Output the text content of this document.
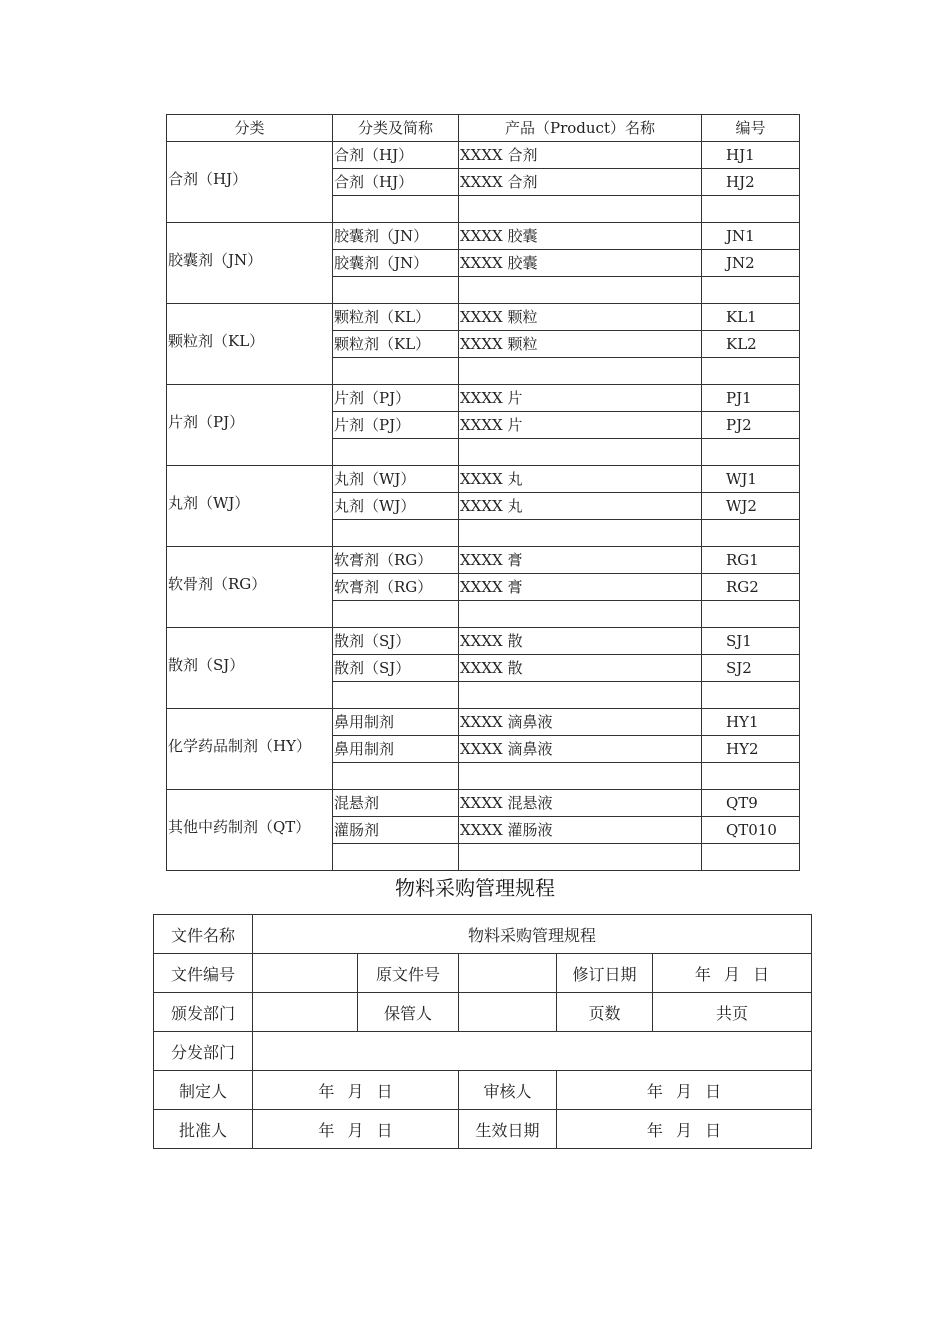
分类	分类及简称	产品（Product）名称	编号
合剂（HJ）	合剂（HJ）	XXXX 合剂	HJ1
	合剂（HJ）	XXXX 合剂	HJ2

胶囊剂（JN）	胶囊剂（JN）	XXXX 胶囊	JN1
	胶囊剂（JN）	XXXX 胶囊	JN2

颗粒剂（KL）	颗粒剂（KL）	XXXX 颗粒	KL1
	颗粒剂（KL）	XXXX 颗粒	KL2

片剂（PJ）	片剂（PJ）	XXXX 片	PJ1
	片剂（PJ）	XXXX 片	PJ2

丸剂（WJ）	丸剂（WJ）	XXXX 丸	WJ1
	丸剂（WJ）	XXXX 丸	WJ2

软骨剂（RG）	软膏剂（RG）	XXXX 膏	RG1
	软膏剂（RG）	XXXX 膏	RG2

散剂（SJ）	散剂（SJ）	XXXX 散	SJ1
	散剂（SJ）	XXXX 散	SJ2

化学药品制剂（HY）	鼻用制剂	XXXX 滴鼻液	HY1
	鼻用制剂	XXXX 滴鼻液	HY2

其他中药制剂（QT）	混悬剂	XXXX 混悬液	QT9
	灌肠剂	XXXX 灌肠液	QT010

物料采购管理规程
文件名称	物料采购管理规程				
文件编号		原文件号		修订日期	年 月 日
颁发部门		保管人		页数	共页
分发部门					
制定人	年 月 日		审核人	年 月 日	
批准人	年 月 日		生效日期	年 月 日	
